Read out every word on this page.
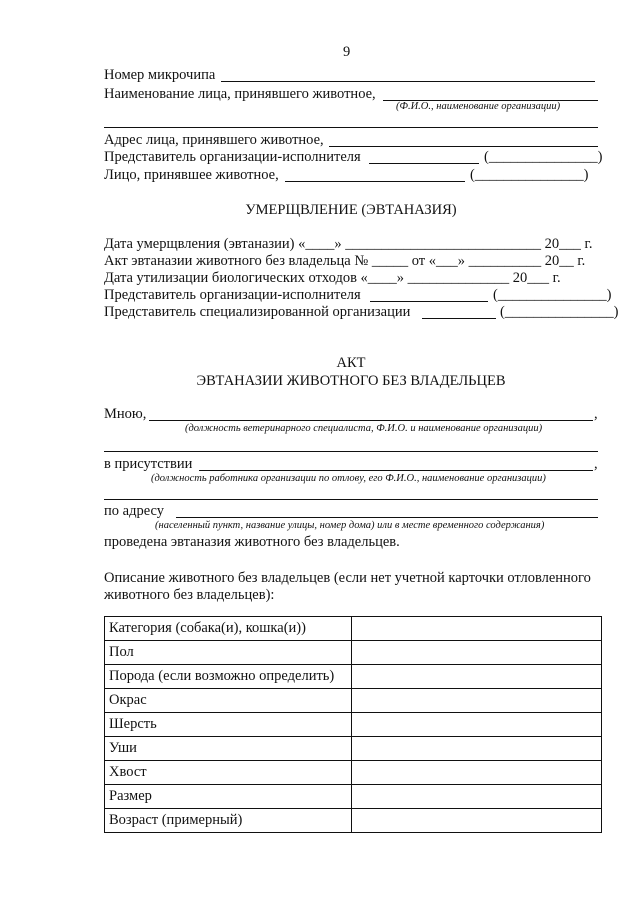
9
Номер микрочипа
Наименование лица, принявшего животное,
(Ф.И.О., наименование организации)
Адрес лица, принявшего животное,
Представитель организации-исполнителя	(_______________)
Лицо, принявшее животное,	(_______________)
УМЕРЩВЛЕНИЕ (ЭВТАНАЗИЯ)
Дата умерщвления (эвтаназии) «____» ___________________________ 20___ г.
Акт эвтаназии животного без владельца № _____ от «___» __________ 20__ г.
Дата утилизации биологических отходов «____» ______________ 20___ г.
Представитель организации-исполнителя	(_______________)
Представитель специализированной организации	(_______________)
АКТ
ЭВТАНАЗИИ ЖИВОТНОГО БЕЗ ВЛАДЕЛЬЦЕВ
Мною,	,
(должность ветеринарного специалиста, Ф.И.О. и наименование организации)
в присутствии	,
(должность работника организации по отлову, его Ф.И.О., наименование организации)
по адресу
(населенный пункт, название улицы, номер дома) или в месте временного содержания)
проведена эвтаназия животного без владельцев.
Описание животного без владельцев (если нет учетной карточки отловленного
животного без владельцев):
Категория (собака(и), кошка(и))	
Пол	
Порода (если возможно определить)	
Окрас	
Шерсть	
Уши	
Хвост	
Размер	
Возраст (примерный)	
